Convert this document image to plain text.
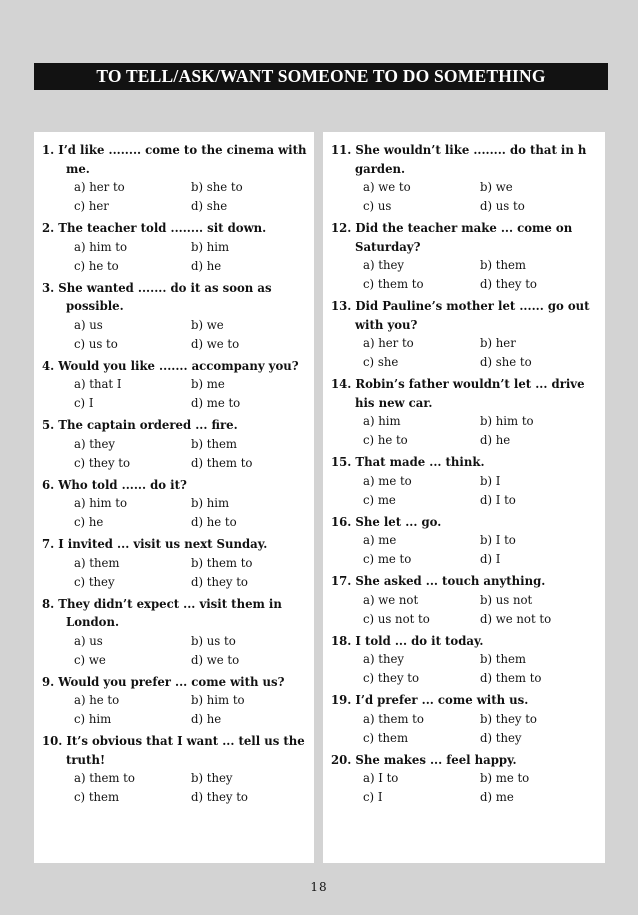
TO TELL/ASK/WANT SOMEONE TO DO SOMETHING
1. I’d like ........ come to the cinema with me.
a) her to	b) she to
c) her	d) she
2. The teacher told ........ sit down.
a) him to	b) him
c) he to	d) he
3. She wanted ....... do it as soon as possible.
a) us	b) we
c) us to	d) we to
4. Would you like ....... accompany you?
a) that I	b) me
c) I	d) me to
5. The captain ordered ... fire.
a) they	b) them
c) they to	d) them to
6. Who told ...... do it?
a) him to	b) him
c) he	d) he to
7. I invited ... visit us next Sunday.
a) them	b) them to
c) they	d) they to
8. They didn’t expect ... visit them in London.
a) us	b) us to
c) we	d) we to
9. Would you prefer ... come with us?
a) he to	b) him to
c) him	d) he
10. It’s obvious that I want ... tell us the truth!
a) them to	b) they
c) them	d) they to
11. She wouldn’t like ........ do that in h
garden.
a) we to	b) we
c) us	d) us to
12. Did the teacher make ... come on
Saturday?
a) they	b) them
c) them to	d) they to
13. Did Pauline’s mother let ...... go out
with you?
a) her to	b) her
c) she	d) she to
14. Robin’s father wouldn’t let ... drive
his new car.
a) him	b) him to
c) he to	d) he
15. That made ... think.
a) me to	b) I
c) me	d) I to
16. She let ... go.
a) me	b) I to
c) me to	d) I
17. She asked ... touch anything.
a) we not	b) us not
c) us not to	d) we not to
18. I told ... do it today.
a) they	b) them
c) they to	d) them to
19. I’d prefer ... come with us.
a) them to	b) they to
c) them	d) they
20. She makes ... feel happy.
a) I to	b) me to
c) I	d) me
18
